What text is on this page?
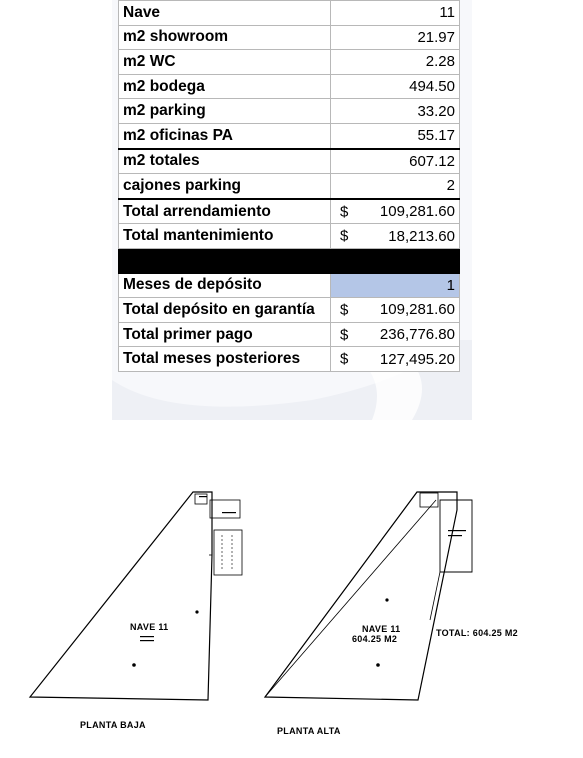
Nave	11
m2 showroom	21.97
m2 WC	2.28
m2 bodega	494.50
m2 parking	33.20
m2 oficinas PA	55.17
m2 totales	607.12
cajones parking	2
Total arrendamiento	$ 109,281.60
Total mantenimiento	$ 18,213.60

Meses de depósito	1
Total depósito en garantía	$ 109,281.60
Total primer pago	$ 236,776.80
Total meses posteriores	$ 127,495.20
NAVE 11
PLANTA BAJA
NAVE 11
604.25 M2
PLANTA ALTA
TOTAL: 604.25 M2
